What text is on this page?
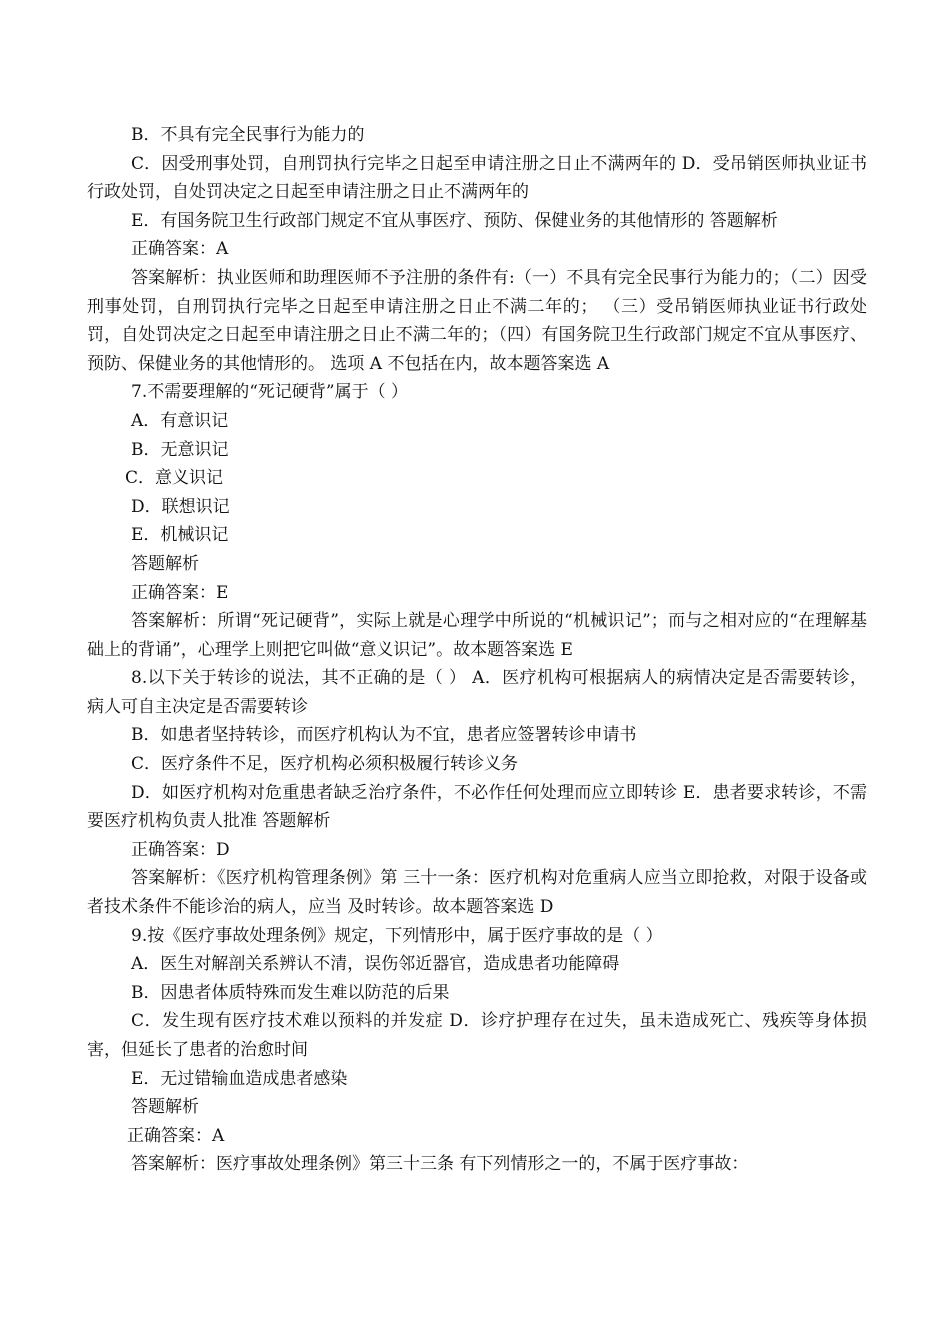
B．不具有完全民事行为能力的

C．因受刑事处罚，自刑罚执行完毕之日起至申请注册之日止不满两年的 D．受吊销医师执业证书行政处罚，自处罚决定之日起至申请注册之日止不满两年的

E．有国务院卫生行政部门规定不宜从事医疗、预防、保健业务的其他情形的 答题解析

正确答案：A

答案解析：执业医师和助理医师不予注册的条件有:（一）不具有完全民事行为能力的；（二）因受刑事处罚，自刑罚执行完毕之日起至申请注册之日止不满二年的； （三）受吊销医师执业证书行政处罚，自处罚决定之日起至申请注册之日止不满二年的；（四）有国务院卫生行政部门规定不宜从事医疗、预防、保健业务的其他情形的。 选项 A 不包括在内，故本题答案选 A

7.不需要理解的“死记硬背”属于（ ）

A．有意识记

B．无意识记

C．意义识记

D．联想识记

E．机械识记

答题解析

正确答案：E

答案解析：所谓“死记硬背”，实际上就是心理学中所说的“机械识记”；而与之相对应的“在理解基础上的背诵”，心理学上则把它叫做“意义识记”。故本题答案选 E

8.以下关于转诊的说法，其不正确的是（ ） A．医疗机构可根据病人的病情决定是否需要转诊，病人可自主决定是否需要转诊

B．如患者坚持转诊，而医疗机构认为不宜，患者应签署转诊申请书

C．医疗条件不足，医疗机构必须积极履行转诊义务

D．如医疗机构对危重患者缺乏治疗条件，不必作任何处理而应立即转诊 E．患者要求转诊，不需要医疗机构负责人批准 答题解析

正确答案：D

答案解析：《医疗机构管理条例》第 三十一条：医疗机构对危重病人应当立即抢救，对限于设备或者技术条件不能诊治的病人，应当 及时转诊。故本题答案选 D

9.按《医疗事故处理条例》规定，下列情形中，属于医疗事故的是（ ）

A．医生对解剖关系辨认不清，误伤邻近器官，造成患者功能障碍

B．因患者体质特殊而发生难以防范的后果

C．发生现有医疗技术难以预料的并发症 D．诊疗护理存在过失，虽未造成死亡、残疾等身体损害，但延长了患者的治愈时间

E．无过错输血造成患者感染

答题解析

正确答案：A

答案解析：医疗事故处理条例》第三十三条 有下列情形之一的，不属于医疗事故：
